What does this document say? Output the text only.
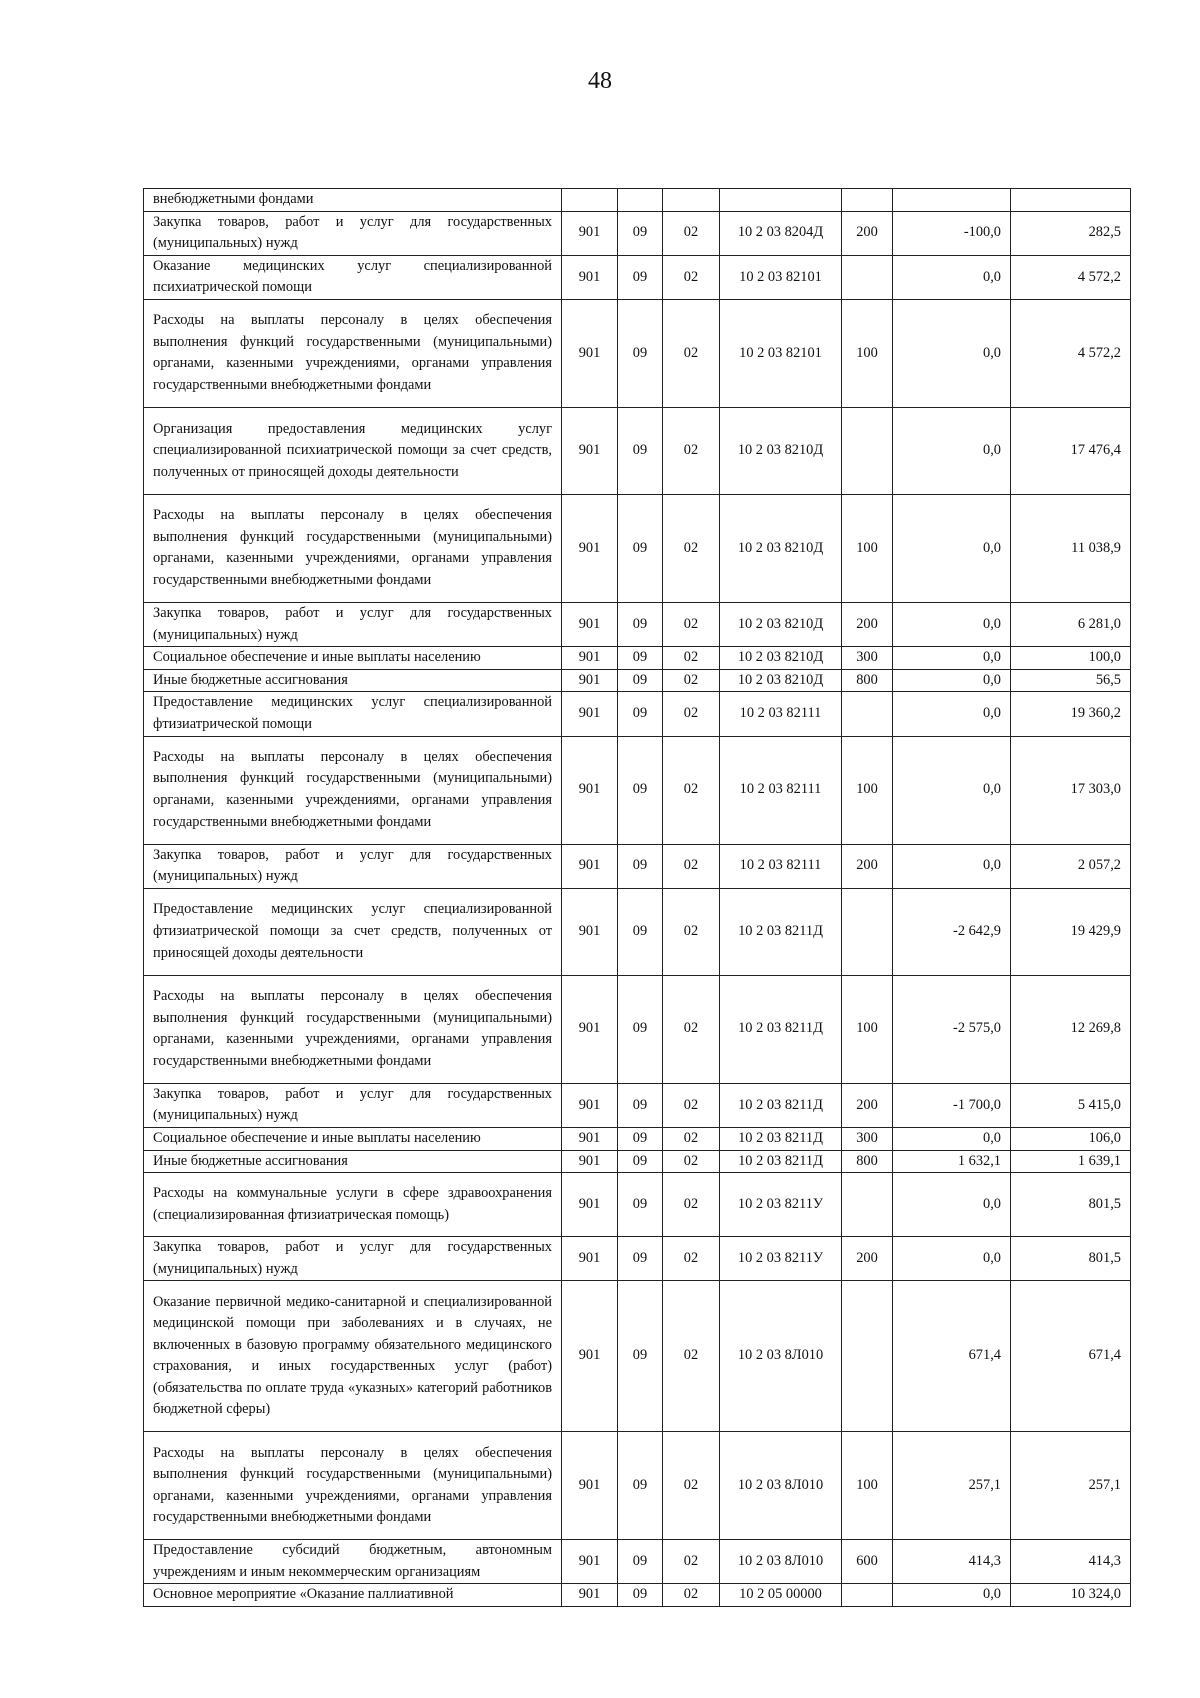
48
внебюджетными фондами							
Закупка товаров, работ и услуг для государственных (муниципальных) нужд	901	09	02	10 2 03 8204Д	200	-100,0	282,5
Оказание медицинских услуг специализированной психиатрической помощи	901	09	02	10 2 03 82101		0,0	4 572,2
Расходы на выплаты персоналу в целях обеспечения выполнения функций государственными (муниципальными) органами, казенными учреждениями, органами управления государственными внебюджетными фондами	901	09	02	10 2 03 82101	100	0,0	4 572,2
Организация предоставления медицинских услуг специализированной психиатрической помощи за счет средств, полученных от приносящей доходы деятельности	901	09	02	10 2 03 8210Д		0,0	17 476,4
Расходы на выплаты персоналу в целях обеспечения выполнения функций государственными (муниципальными) органами, казенными учреждениями, органами управления государственными внебюджетными фондами	901	09	02	10 2 03 8210Д	100	0,0	11 038,9
Закупка товаров, работ и услуг для государственных (муниципальных) нужд	901	09	02	10 2 03 8210Д	200	0,0	6 281,0
Социальное обеспечение и иные выплаты населению	901	09	02	10 2 03 8210Д	300	0,0	100,0
Иные бюджетные ассигнования	901	09	02	10 2 03 8210Д	800	0,0	56,5
Предоставление медицинских услуг специализированной фтизиатрической помощи	901	09	02	10 2 03 82111		0,0	19 360,2
Расходы на выплаты персоналу в целях обеспечения выполнения функций государственными (муниципальными) органами, казенными учреждениями, органами управления государственными внебюджетными фондами	901	09	02	10 2 03 82111	100	0,0	17 303,0
Закупка товаров, работ и услуг для государственных (муниципальных) нужд	901	09	02	10 2 03 82111	200	0,0	2 057,2
Предоставление медицинских услуг специализированной фтизиатрической помощи за счет средств, полученных от приносящей доходы деятельности	901	09	02	10 2 03 8211Д		-2 642,9	19 429,9
Расходы на выплаты персоналу в целях обеспечения выполнения функций государственными (муниципальными) органами, казенными учреждениями, органами управления государственными внебюджетными фондами	901	09	02	10 2 03 8211Д	100	-2 575,0	12 269,8
Закупка товаров, работ и услуг для государственных (муниципальных) нужд	901	09	02	10 2 03 8211Д	200	-1 700,0	5 415,0
Социальное обеспечение и иные выплаты населению	901	09	02	10 2 03 8211Д	300	0,0	106,0
Иные бюджетные ассигнования	901	09	02	10 2 03 8211Д	800	1 632,1	1 639,1
Расходы на коммунальные услуги в сфере здравоохранения (специализированная фтизиатрическая помощь)	901	09	02	10 2 03 8211У		0,0	801,5
Закупка товаров, работ и услуг для государственных (муниципальных) нужд	901	09	02	10 2 03 8211У	200	0,0	801,5
Оказание первичной медико-санитарной и специализированной медицинской помощи при заболеваниях и в случаях, не включенных в базовую программу обязательного медицинского страхования, и иных государственных услуг (работ) (обязательства по оплате труда «указных» категорий работников бюджетной сферы)	901	09	02	10 2 03 8Л010		671,4	671,4
Расходы на выплаты персоналу в целях обеспечения выполнения функций государственными (муниципальными) органами, казенными учреждениями, органами управления государственными внебюджетными фондами	901	09	02	10 2 03 8Л010	100	257,1	257,1
Предоставление субсидий бюджетным, автономным учреждениям и иным некоммерческим организациям	901	09	02	10 2 03 8Л010	600	414,3	414,3
Основное мероприятие «Оказание паллиативной	901	09	02	10 2 05 00000		0,0	10 324,0
